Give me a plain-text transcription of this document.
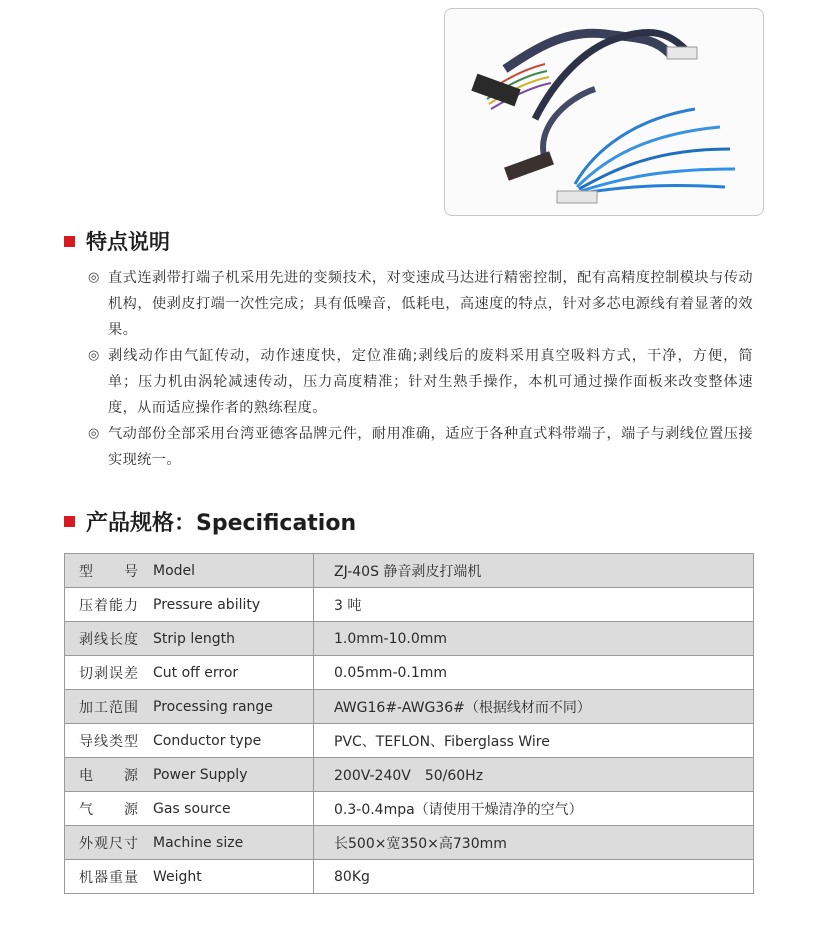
特点说明
◎ 直式连剥带打端子机采用先进的变频技术，对变速成马达进行精密控制，配有高精度控制模块与传动机构，使剥皮打端一次性完成；具有低噪音，低耗电，高速度的特点，针对多芯电源线有着显著的效果。
◎ 剥线动作由气缸传动，动作速度快，定位准确;剥线后的废料采用真空吸料方式，干净，方便，简单；压力机由涡轮减速传动，压力高度精准；针对生熟手操作，本机可通过操作面板来改变整体速度，从而适应操作者的熟练程度。
◎ 气动部份全部采用台湾亚德客品牌元件，耐用准确，适应于各种直式料带端子，端子与剥线位置压接实现统一。
产品规格：Specification
型　　号	Model	ZJ-40S 静音剥皮打端机
压着能力	Pressure ability	3 吨
剥线长度	Strip length	1.0mm-10.0mm
切剥误差	Cut off error	0.05mm-0.1mm
加工范围	Processing range	AWG16#-AWG36#（根据线材而不同）
导线类型	Conductor type	PVC、TEFLON、Fiberglass Wire
电　　源	Power Supply	200V-240V　50/60Hz
气　　源	Gas source	0.3-0.4mpa（请使用干燥清净的空气）
外观尺寸	Machine size	长500×宽350×高730mm
机器重量	Weight	80Kg
